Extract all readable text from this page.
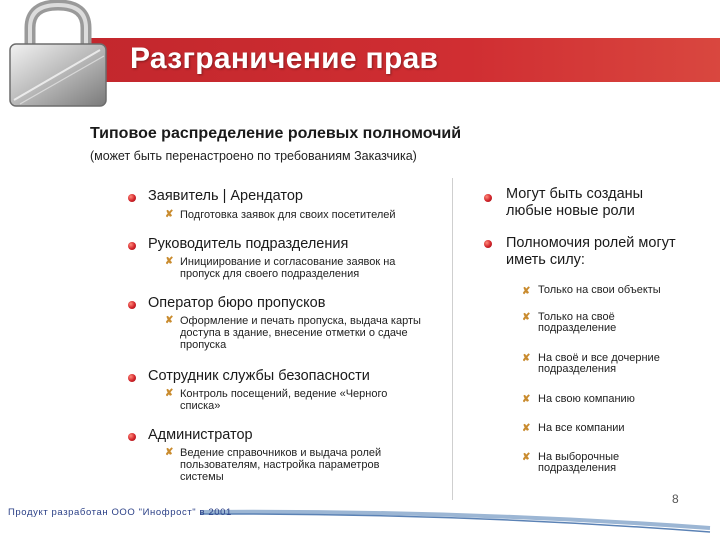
Разграничение прав
Типовое распределение ролевых полномочий
(может быть перенастроено по требованиям Заказчика)
Заявитель | Арендатор
✘ Подготовка заявок для своих посетителей
Руководитель подразделения
✘ Инициирование и согласование заявок на пропуск для своего подразделения
Оператор бюро пропусков
✘ Оформление и печать пропуска, выдача карты доступа в здание, внесение отметки о сдаче пропуска
Сотрудник службы безопасности
✘ Контроль посещений, ведение «Черного списка»
Администратор
✘ Ведение справочников и выдача ролей пользователям, настройка параметров системы
Могут быть созданы любые новые роли
Полномочия ролей могут иметь силу:
✘ Только на свои объекты
✘ Только на своё подразделение
✘ На своё и все дочерние подразделения
✘ На свою компанию
✘ На все компании
✘ На выборочные подразделения
Продукт разработан ООО "Инофрост" в 2001
8
